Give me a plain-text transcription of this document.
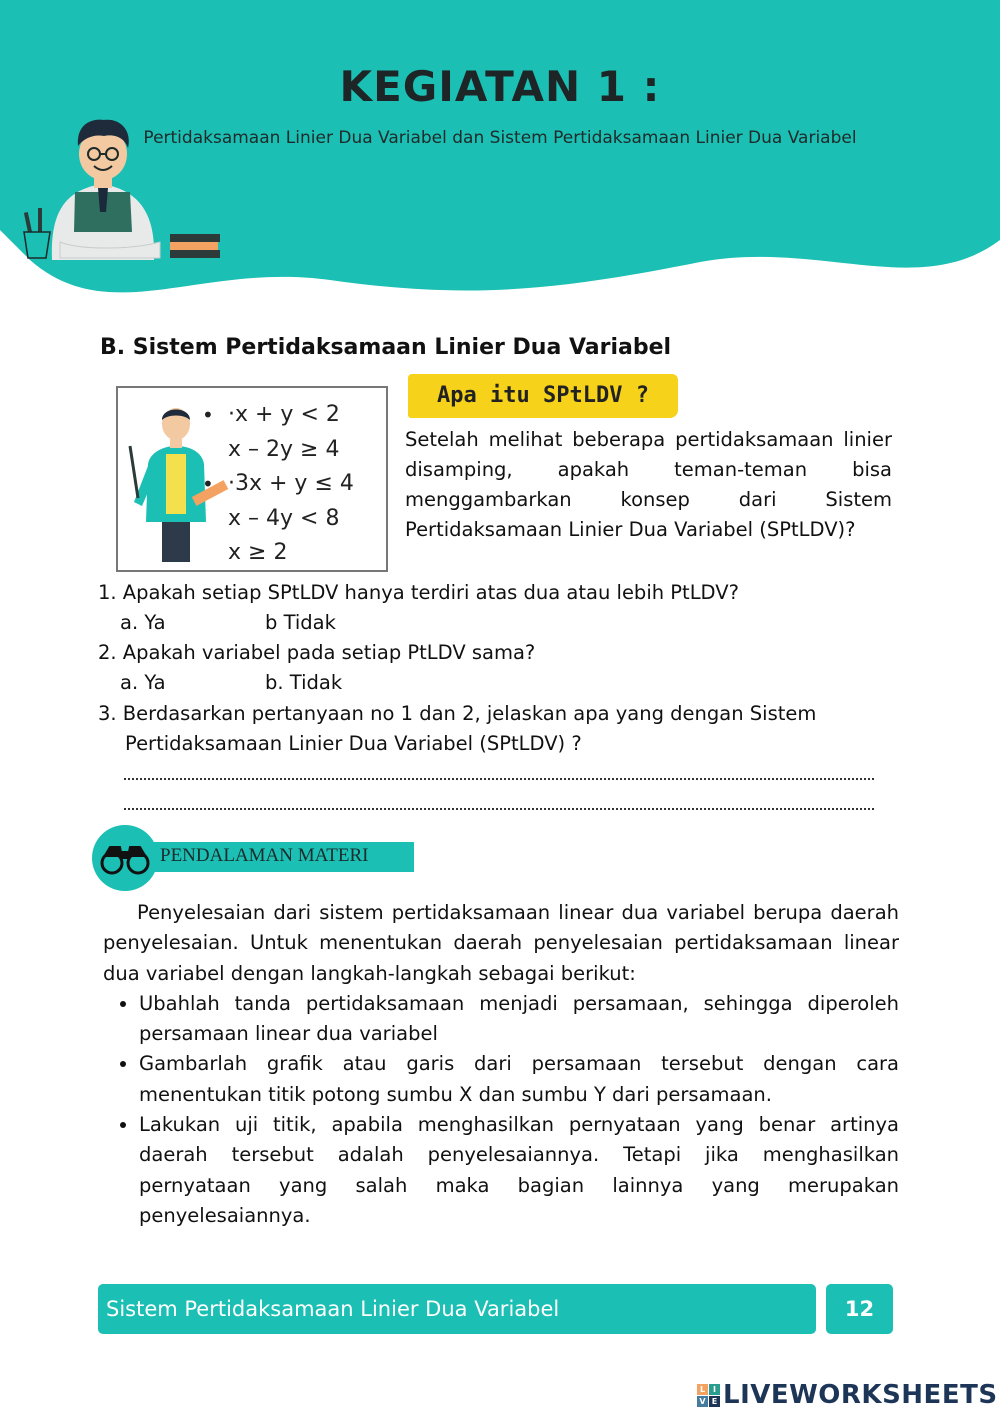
KEGIATAN 1 :
Pertidaksamaan Linier Dua Variabel dan Sistem Pertidaksamaan Linier Dua Variabel
B. Sistem Pertidaksamaan Linier Dua Variabel
• ·x + y < 2
x – 2y ≥ 4
• ·3x + y ≤ 4
x – 4y < 8
x ≥ 2
Apa itu SPtLDV ?
Setelah melihat beberapa pertidaksamaan linier disamping, apakah teman-teman bisa menggambarkan konsep dari Sistem Pertidaksamaan Linier Dua Variabel (SPtLDV)?
1. Apakah setiap SPtLDV hanya terdiri atas dua atau lebih PtLDV?
a. Ya	b Tidak
2. Apakah variabel pada setiap PtLDV sama?
a. Ya	b. Tidak
3. Berdasarkan pertanyaan no 1 dan 2, jelaskan apa yang dengan Sistem
Pertidaksamaan Linier Dua Variabel (SPtLDV) ?
PENDALAMAN MATERI

Penyelesaian dari sistem pertidaksamaan linear dua variabel berupa daerah penyelesaian. Untuk menentukan daerah penyelesaian pertidaksamaan linear dua variabel dengan langkah-langkah sebagai berikut:

• Ubahlah tanda pertidaksamaan menjadi persamaan, sehingga diperoleh persamaan linear dua variabel
• Gambarlah grafik atau garis dari persamaan tersebut dengan cara menentukan titik potong sumbu X dan sumbu Y dari persamaan.
• Lakukan uji titik, apabila menghasilkan pernyataan yang benar artinya daerah tersebut adalah penyelesaiannya. Tetapi jika menghasilkan pernyataan yang salah maka bagian lainnya yang merupakan penyelesaiannya.
Sistem Pertidaksamaan Linier Dua Variabel	12
L I
V E LIVEWORKSHEETS
